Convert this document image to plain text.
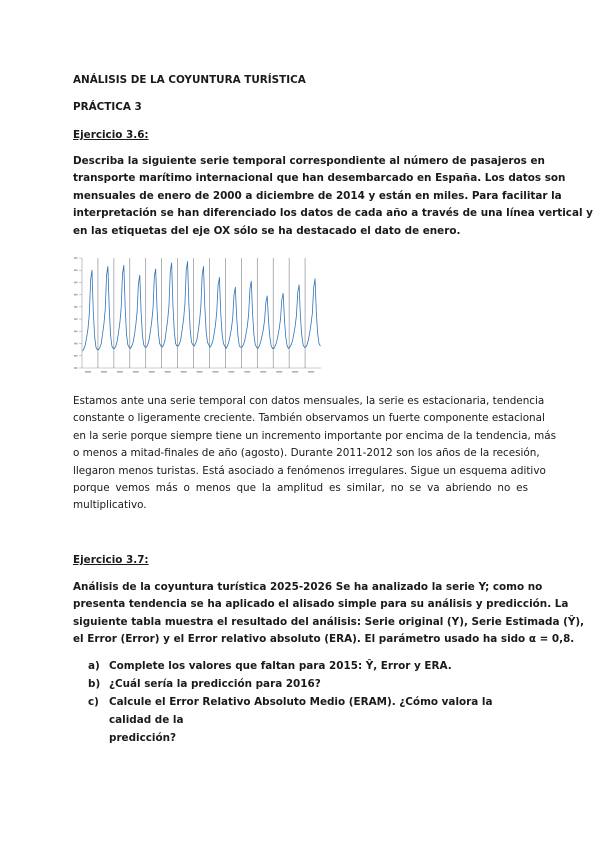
ANÁLISIS DE LA COYUNTURA TURÍSTICA

PRÁCTICA 3

Ejercicio 3.6:

Describa la siguiente serie temporal correspondiente al número de pasajeros en
transporte marítimo internacional que han desembarcado en España. Los datos son
mensuales de enero de 2000 a diciembre de 2014 y están en miles. Para facilitar la
interpretación se han diferenciado los datos de cada año a través de una línea vertical y
en las etiquetas del eje OX sólo se ha destacado el dato de enero.
Estamos ante una serie temporal con datos mensuales, la serie es estacionaria, tendencia
constante o ligeramente creciente. También observamos un fuerte componente estacional
en la serie porque siempre tiene un incremento importante por encima de la tendencia, más
o menos a mitad-finales de año (agosto). Durante 2011-2012 son los años de la recesión,
llegaron menos turistas. Está asociado a fenómenos irregulares. Sigue un esquema aditivo
porque vemos más o menos que la amplitud es similar, no se va abriendo no es
multiplicativo.

Ejercicio 3.7:

Análisis de la coyuntura turística 2025-2026 Se ha analizado la serie Y; como no
presenta tendencia se ha aplicado el alisado simple para su análisis y predicción. La
siguiente tabla muestra el resultado del análisis: Serie original (Y), Serie Estimada (Ŷ),
el Error (Error) y el Error relativo absoluto (ERA). El parámetro usado ha sido α = 0,8.
a) Complete los valores que faltan para 2015: Ŷ, Error y ERA.
b) ¿Cuál sería la predicción para 2016?
c) Calcule el Error Relativo Absoluto Medio (ERAM). ¿Cómo valora la calidad de la
predicción?
